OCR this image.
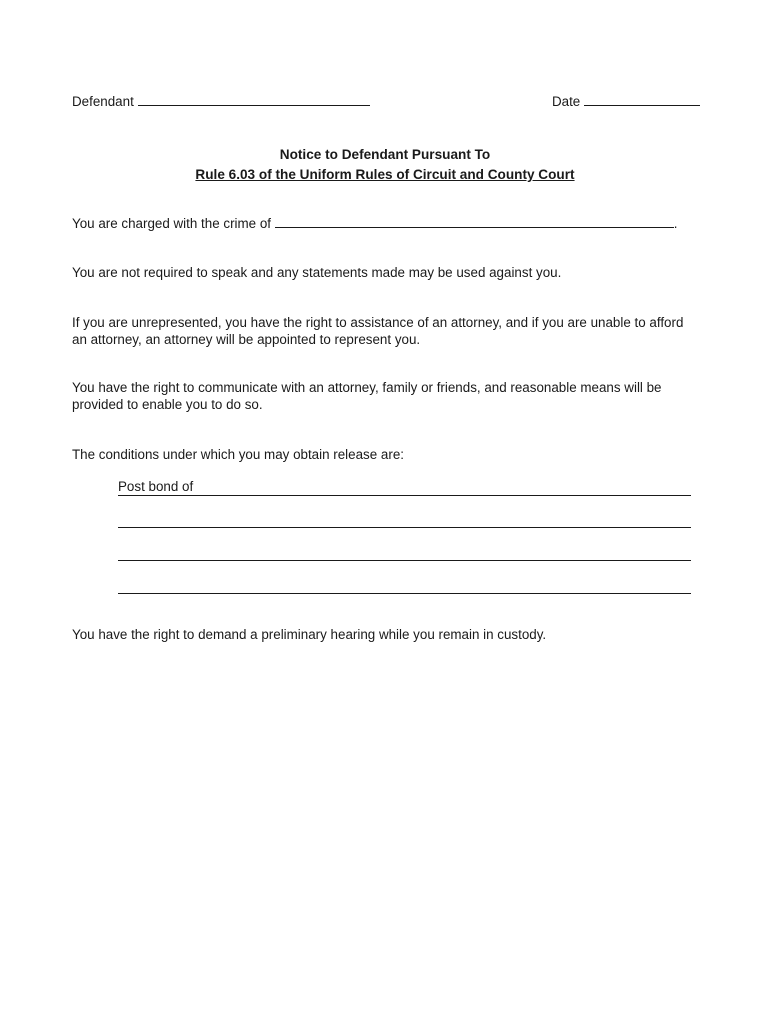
Defendant	Date
Notice to Defendant Pursuant To
Rule 6.03 of the Uniform Rules of Circuit and County Court
You are charged with the crime of	.
You are not required to speak and any statements made may be used against you.
If you are unrepresented, you have the right to assistance of an attorney, and if you are unable to afford an attorney, an attorney will be appointed to represent you.
You have the right to communicate with an attorney, family or friends, and reasonable means will be provided to enable you to do so.
The conditions under which you may obtain release are:
Post bond of
You have the right to demand a preliminary hearing while you remain in custody.
